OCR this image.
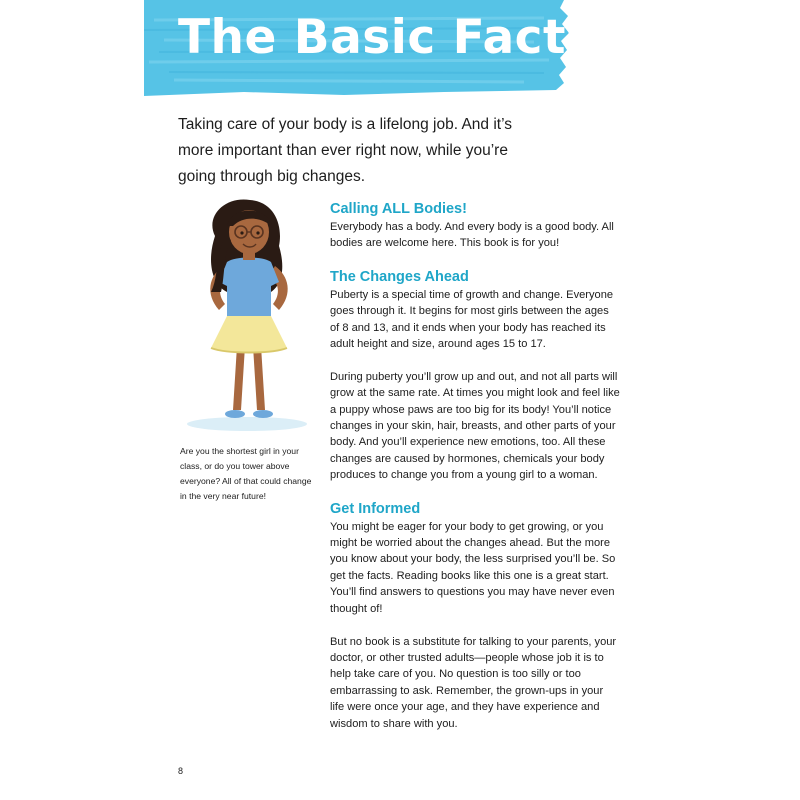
The Basic Facts

Taking care of your body is a lifelong job. And it’s more important than ever right now, while you’re going through big changes.

Are you the shortest girl in your class, or do you tower above everyone? All of that could change in the very near future!

Calling ALL Bodies!

Everybody has a body. And every body is a good body. All bodies are welcome here. This book is for you!

The Changes Ahead

Puberty is a special time of growth and change. Everyone goes through it. It begins for most girls between the ages of 8 and 13, and it ends when your body has reached its adult height and size, around ages 15 to 17.

During puberty you’ll grow up and out, and not all parts will grow at the same rate. At times you might look and feel like a puppy whose paws are too big for its body! You’ll notice changes in your skin, hair, breasts, and other parts of your body. And you’ll experience new emotions, too. All these changes are caused by hormones, chemicals your body produces to change you from a young girl to a woman.

Get Informed

You might be eager for your body to get growing, or you might be worried about the changes ahead. But the more you know about your body, the less surprised you’ll be. So get the facts. Reading books like this one is a great start. You’ll find answers to questions you may have never even thought of!

But no book is a substitute for talking to your parents, your doctor, or other trusted adults—people whose job it is to help take care of you. No question is too silly or too embarrassing to ask. Remember, the grown-ups in your life were once your age, and they have experience and wisdom to share with you.

8
